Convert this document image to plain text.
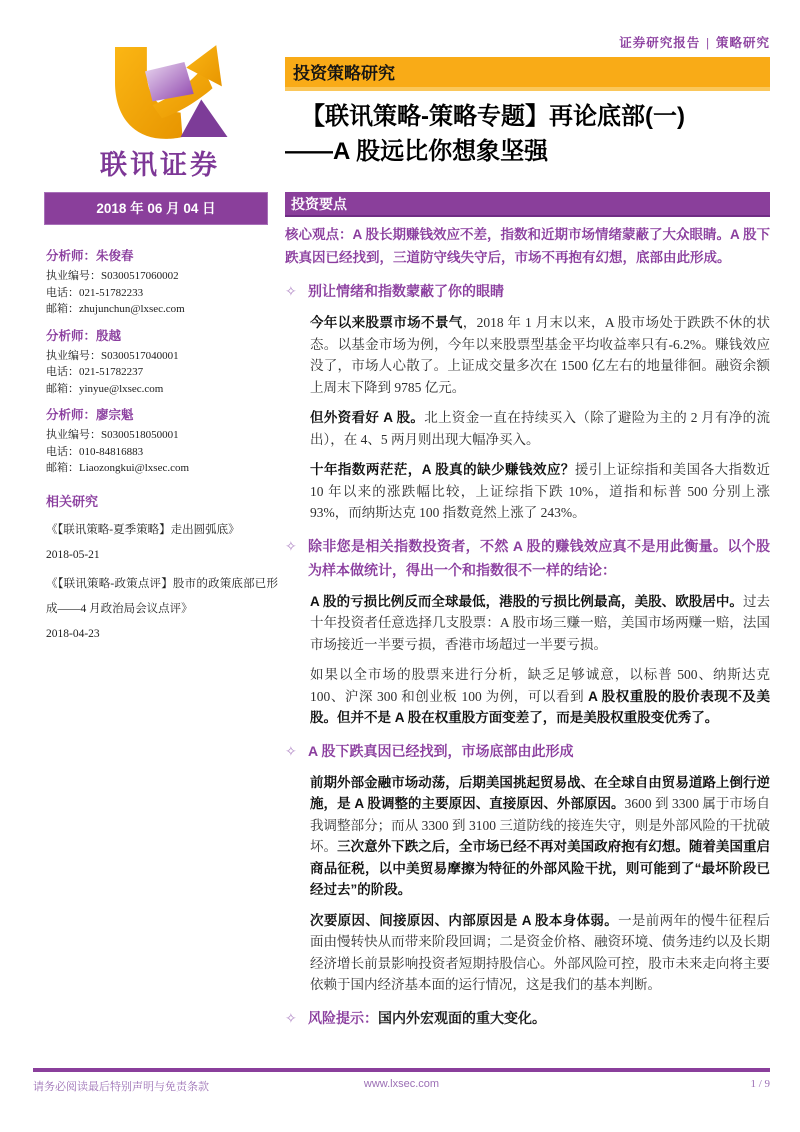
证券研究报告 | 策略研究
联讯证券
投资策略研究
【联讯策略-策略专题】再论底部(一)
——A 股远比你想象坚强
2018 年 06 月 04 日
分析师：朱俊春
执业编号：S0300517060002
电话：021-51782233
邮箱：zhujunchun@lxsec.com
分析师：殷越
执业编号：S0300517040001
电话：021-51782237
邮箱：yinyue@lxsec.com
分析师：廖宗魁
执业编号：S0300518050001
电话：010-84816883
邮箱：Liaozongkui@lxsec.com
相关研究
《【联讯策略-夏季策略】走出圆弧底》
2018-05-21
《【联讯策略-政策点评】股市的政策底部已形成——4 月政治局会议点评》
2018-04-23
投资要点
核心观点：A 股长期赚钱效应不差，指数和近期市场情绪蒙蔽了大众眼睛。A 股下跌真因已经找到，三道防守线失守后，市场不再抱有幻想，底部由此形成。
✧ 别让情绪和指数蒙蔽了你的眼睛
今年以来股票市场不景气，2018 年 1 月末以来，A 股市场处于跌跌不休的状态。以基金市场为例，今年以来股票型基金平均收益率只有-6.2%。赚钱效应没了，市场人心散了。上证成交量多次在 1500 亿左右的地量徘徊。融资余额上周末下降到 9785 亿元。
但外资看好 A 股。北上资金一直在持续买入（除了避险为主的 2 月有净的流出），在 4、5 两月则出现大幅净买入。
十年指数两茫茫，A 股真的缺少赚钱效应？援引上证综指和美国各大指数近 10 年以来的涨跌幅比较，上证综指下跌 10%，道指和标普 500 分别上涨 93%，而纳斯达克 100 指数竟然上涨了 243%。
✧ 除非您是相关指数投资者，不然 A 股的赚钱效应真不是用此衡量。以个股为样本做统计，得出一个和指数很不一样的结论：
A 股的亏损比例反而全球最低，港股的亏损比例最高，美股、欧股居中。过去十年投资者任意选择几支股票：A 股市场三赚一赔，美国市场两赚一赔，法国市场接近一半要亏损，香港市场超过一半要亏损。
如果以全市场的股票来进行分析，缺乏足够诚意，以标普 500、纳斯达克 100、沪深 300 和创业板 100 为例，可以看到 A 股权重股的股价表现不及美股。但并不是 A 股在权重股方面变差了，而是美股权重股变优秀了。
✧ A 股下跌真因已经找到，市场底部由此形成
前期外部金融市场动荡，后期美国挑起贸易战、在全球自由贸易道路上倒行逆施，是 A 股调整的主要原因、直接原因、外部原因。3600 到 3300 属于市场自我调整部分；而从 3300 到 3100 三道防线的接连失守，则是外部风险的干扰破坏。三次意外下跌之后，全市场已经不再对美国政府抱有幻想。随着美国重启商品征税，以中美贸易摩擦为特征的外部风险干扰，则可能到了“最坏阶段已经过去”的阶段。
次要原因、间接原因、内部原因是 A 股本身体弱。一是前两年的慢牛征程后面由慢转快从而带来阶段回调；二是资金价格、融资环境、债务违约以及长期经济增长前景影响投资者短期持股信心。外部风险可控，股市未来走向将主要依赖于国内经济基本面的运行情况，这是我们的基本判断。
✧ 风险提示：国内外宏观面的重大变化。
请务必阅读最后特别声明与免责条款	www.lxsec.com	1 / 9
